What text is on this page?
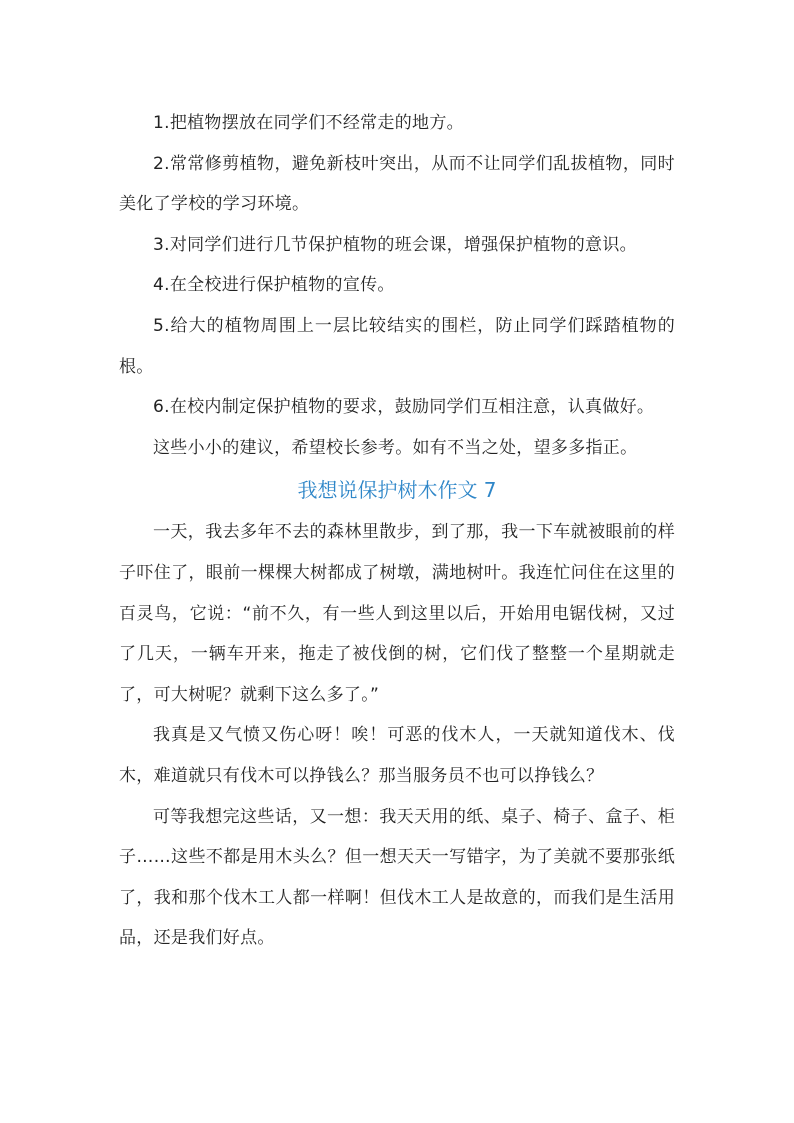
1.把植物摆放在同学们不经常走的地方。

2.常常修剪植物，避免新枝叶突出，从而不让同学们乱拔植物，同时美化了学校的学习环境。

3.对同学们进行几节保护植物的班会课，增强保护植物的意识。

4.在全校进行保护植物的宣传。

5.给大的植物周围上一层比较结实的围栏，防止同学们踩踏植物的根。

6.在校内制定保护植物的要求，鼓励同学们互相注意，认真做好。

这些小小的建议，希望校长参考。如有不当之处，望多多指正。

我想说保护树木作文 7

一天，我去多年不去的森林里散步，到了那，我一下车就被眼前的样子吓住了，眼前一棵棵大树都成了树墩，满地树叶。我连忙问住在这里的百灵鸟，它说：“前不久，有一些人到这里以后，开始用电锯伐树，又过了几天，一辆车开来，拖走了被伐倒的树，它们伐了整整一个星期就走了，可大树呢？就剩下这么多了。”

我真是又气愤又伤心呀！唉！可恶的伐木人，一天就知道伐木、伐木，难道就只有伐木可以挣钱么？那当服务员不也可以挣钱么？

可等我想完这些话，又一想：我天天用的纸、桌子、椅子、盒子、柜子……这些不都是用木头么？但一想天天一写错字，为了美就不要那张纸了，我和那个伐木工人都一样啊！但伐木工人是故意的，而我们是生活用品，还是我们好点。
